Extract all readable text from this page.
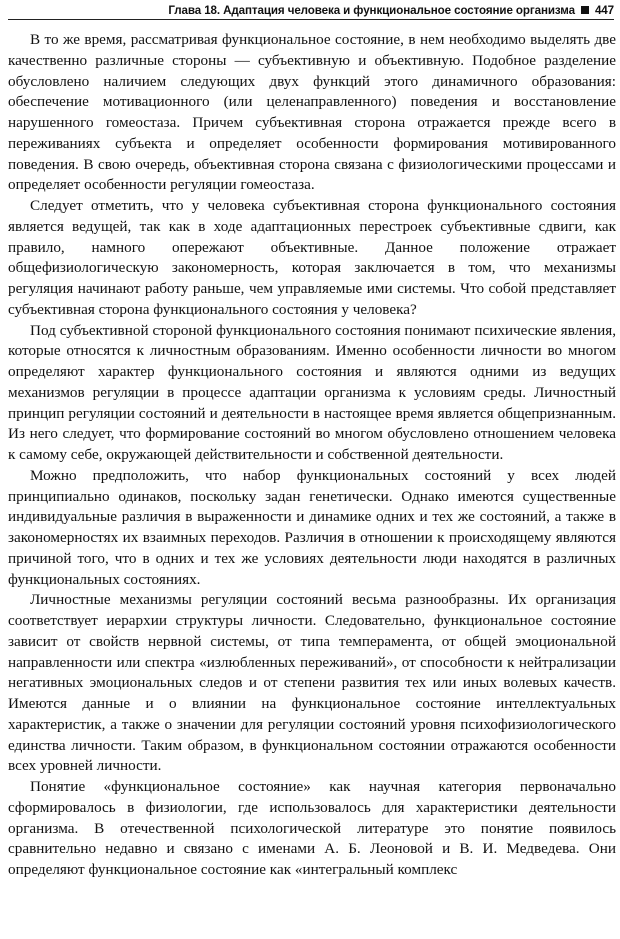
Глава 18. Адаптация человека и функциональное состояние организма 447

В то же время, рассматривая функциональное состояние, в нем необходимо выделять две качественно различные стороны — субъективную и объективную. Подобное разделение обусловлено наличием следующих двух функций этого динамичного образования: обеспечение мотивационного (или целенаправленного) поведения и восстановление нарушенного гомеостаза. Причем субъективная сторона отражается прежде всего в переживаниях субъекта и определяет особенности формирования мотивированного поведения. В свою очередь, объективная сторона связана с физиологическими процессами и определяет особенности регуляции гомеостаза.

Следует отметить, что у человека субъективная сторона функционального состояния является ведущей, так как в ходе адаптационных перестроек субъективные сдвиги, как правило, намного опережают объективные. Данное положение отражает общефизиологическую закономерность, которая заключается в том, что механизмы регуляция начинают работу раньше, чем управляемые ими системы. Что собой представляет субъективная сторона функционального состояния у человека?

Под субъективной стороной функционального состояния понимают психические явления, которые относятся к личностным образованиям. Именно особенности личности во многом определяют характер функционального состояния и являются одними из ведущих механизмов регуляции в процессе адаптации организма к условиям среды. Личностный принцип регуляции состояний и деятельности в настоящее время является общепризнанным. Из него следует, что формирование состояний во многом обусловлено отношением человека к самому себе, окружающей действительности и собственной деятельности.

Можно предположить, что набор функциональных состояний у всех людей принципиально одинаков, поскольку задан генетически. Однако имеются существенные индивидуальные различия в выраженности и динамике одних и тех же состояний, а также в закономерностях их взаимных переходов. Различия в отношении к происходящему являются причиной того, что в одних и тех же условиях деятельности люди находятся в различных функциональных состояниях.

Личностные механизмы регуляции состояний весьма разнообразны. Их организация соответствует иерархии структуры личности. Следовательно, функциональное состояние зависит от свойств нервной системы, от типа темперамента, от общей эмоциональной направленности или спектра «излюбленных переживаний», от способности к нейтрализации негативных эмоциональных следов и от степени развития тех или иных волевых качеств. Имеются данные и о влиянии на функциональное состояние интеллектуальных характеристик, а также о значении для регуляции состояний уровня психофизиологического единства личности. Таким образом, в функциональном состоянии отражаются особенности всех уровней личности.

Понятие «функциональное состояние» как научная категория первоначально сформировалось в физиологии, где использовалось для характеристики деятельности организма. В отечественной психологической литературе это понятие появилось сравнительно недавно и связано с именами А. Б. Леоновой и В. И. Медведева. Они определяют функциональное состояние как «интегральный комплекс
